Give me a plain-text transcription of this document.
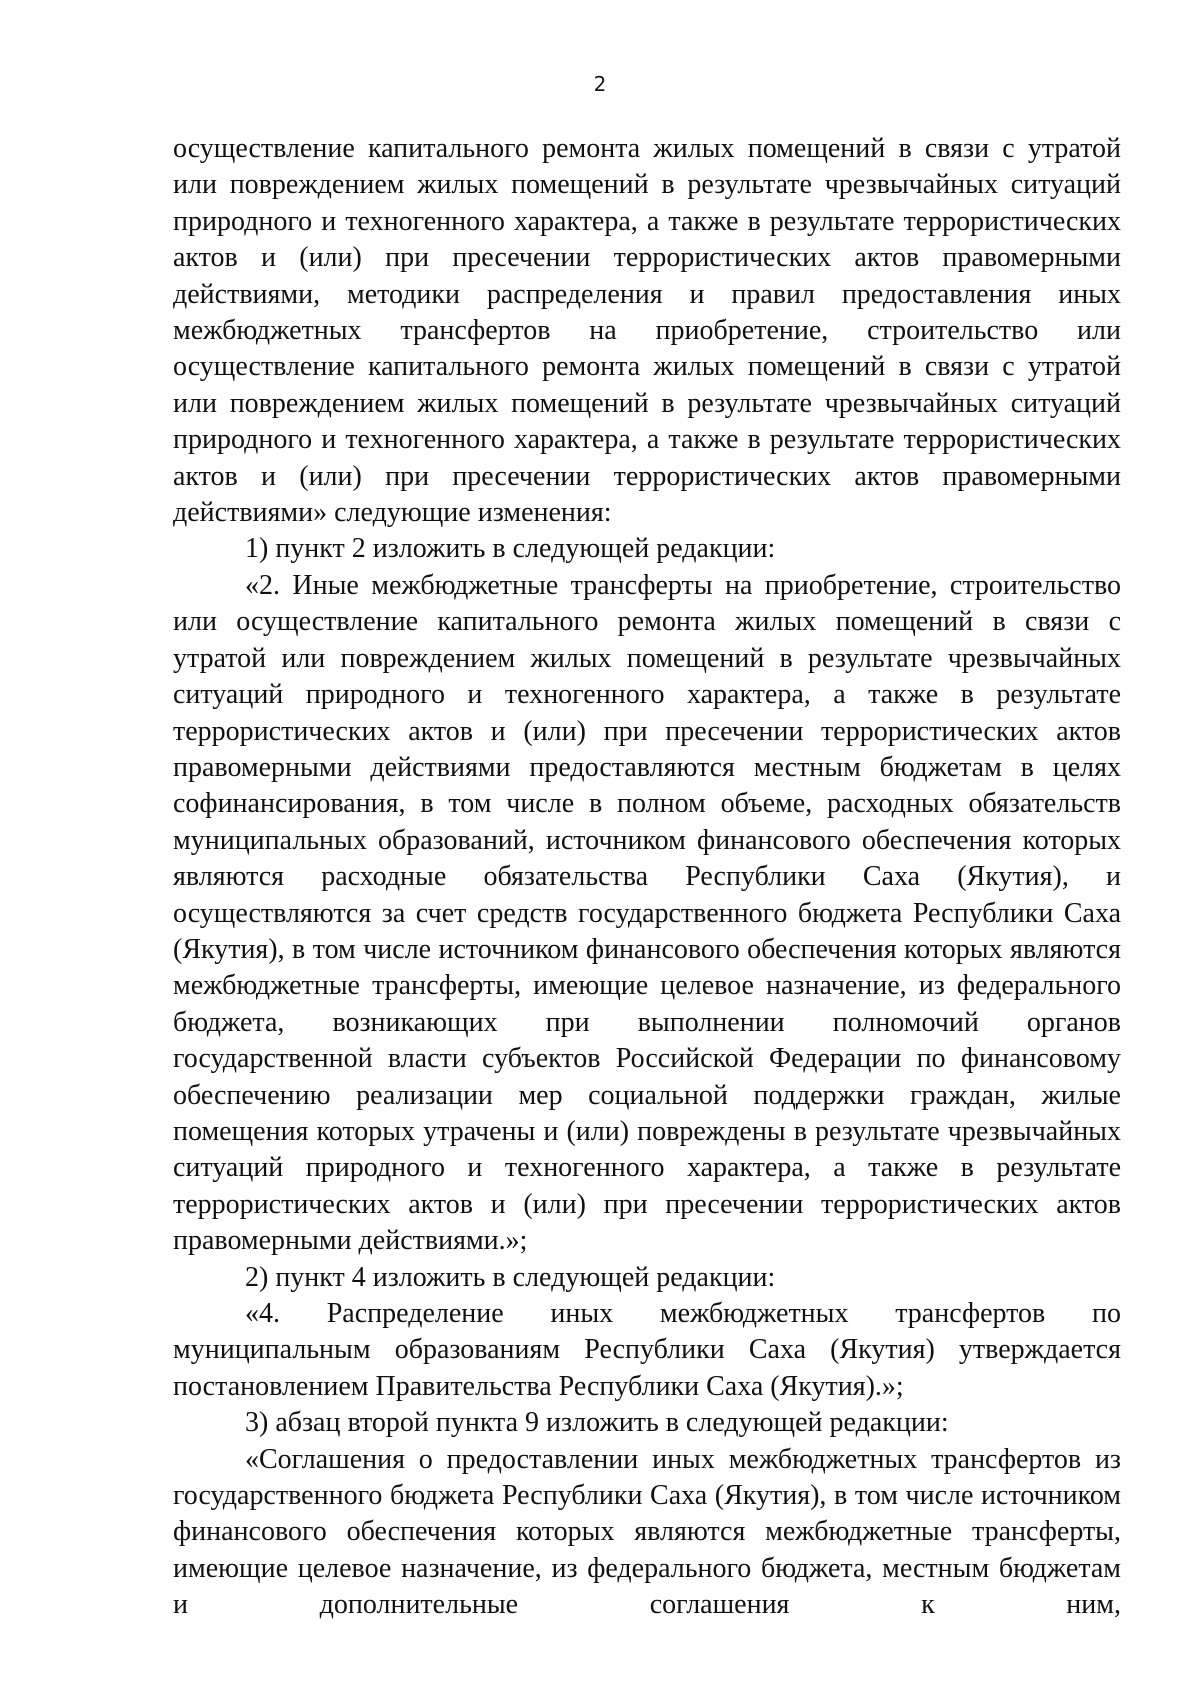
2

осуществление капитального ремонта жилых помещений в связи с утратой или повреждением жилых помещений в результате чрезвычайных ситуаций природного и техногенного характера, а также в результате террористических актов и (или) при пресечении террористических актов правомерными действиями, методики распределения и правил предоставления иных межбюджетных трансфертов на приобретение, строительство или осуществление капитального ремонта жилых помещений в связи с утратой или повреждением жилых помещений в результате чрезвычайных ситуаций природного и техногенного характера, а также в результате террористических актов и (или) при пресечении террористических актов правомерными действиями» следующие изменения:

1) пункт 2 изложить в следующей редакции:

«2. Иные межбюджетные трансферты на приобретение, строительство или осуществление капитального ремонта жилых помещений в связи с утратой или повреждением жилых помещений в результате чрезвычайных ситуаций природного и техногенного характера, а также в результате террористических актов и (или) при пресечении террористических актов правомерными действиями предоставляются местным бюджетам в целях софинансирования, в том числе в полном объеме, расходных обязательств муниципальных образований, источником финансового обеспечения которых являются расходные обязательства Республики Саха (Якутия), и осуществляются за счет средств государственного бюджета Республики Саха (Якутия), в том числе источником финансового обеспечения которых являются межбюджетные трансферты, имеющие целевое назначение, из федерального бюджета, возникающих при выполнении полномочий органов государственной власти субъектов Российской Федерации по финансовому обеспечению реализации мер социальной поддержки граждан, жилые помещения которых утрачены и (или) повреждены в результате чрезвычайных ситуаций природного и техногенного характера, а также в результате террористических актов и (или) при пресечении террористических актов правомерными действиями.»;

2) пункт 4 изложить в следующей редакции:

«4. Распределение иных межбюджетных трансфертов по муниципальным образованиям Республики Саха (Якутия) утверждается постановлением Правительства Республики Саха (Якутия).»;

3) абзац второй пункта 9 изложить в следующей редакции:

«Соглашения о предоставлении иных межбюджетных трансфертов из государственного бюджета Республики Саха (Якутия), в том числе источником финансового обеспечения которых являются межбюджетные трансферты, имеющие целевое назначение, из федерального бюджета, местным бюджетам и дополнительные соглашения к ним,
